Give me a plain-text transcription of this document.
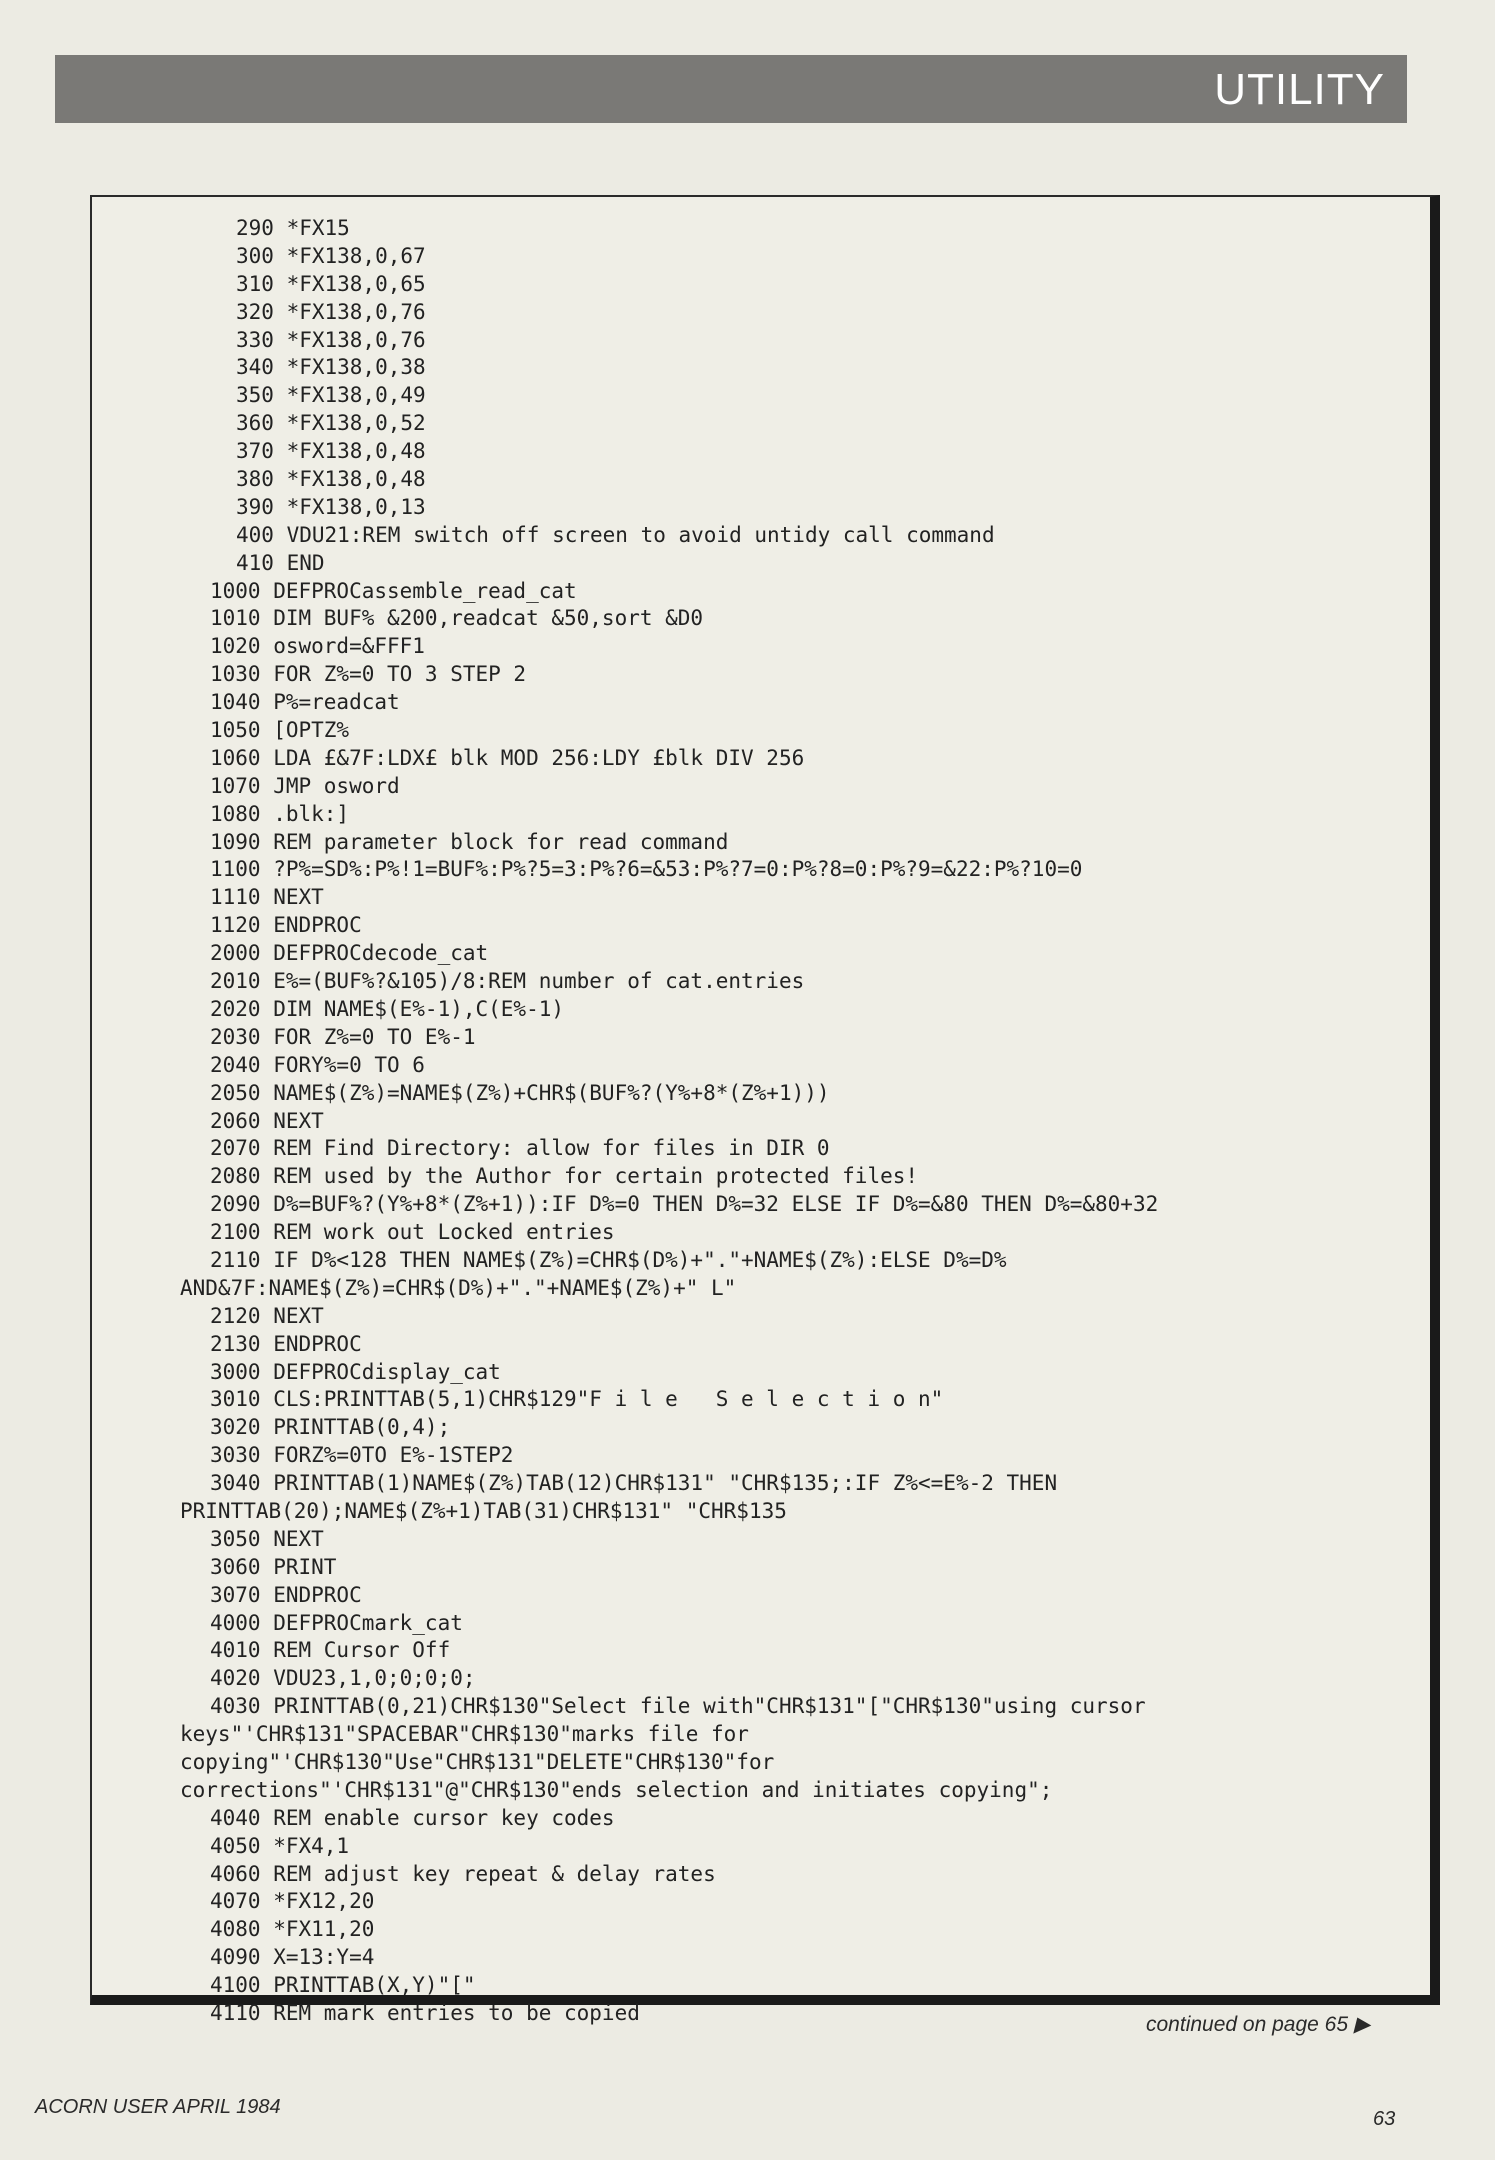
UTILITY
290 *FX15
300 *FX138,0,67
310 *FX138,0,65
320 *FX138,0,76
330 *FX138,0,76
340 *FX138,0,38
350 *FX138,0,49
360 *FX138,0,52
370 *FX138,0,48
380 *FX138,0,48
390 *FX138,0,13
400 VDU21:REM switch off screen to avoid untidy call command
410 END
1000 DEFPROCassemble_read_cat
1010 DIM BUF% &200,readcat &50,sort &D0
1020 osword=&FFF1
1030 FOR Z%=0 TO 3 STEP 2
1040 P%=readcat
1050 [OPTZ%
1060 LDA £&7F:LDX£ blk MOD 256:LDY £blk DIV 256
1070 JMP osword
1080 .blk:]
1090 REM parameter block for read command
1100 ?P%=SD%:P%!1=BUF%:P%?5=3:P%?6=&53:P%?7=0:P%?8=0:P%?9=&22:P%?10=0
1110 NEXT
1120 ENDPROC
2000 DEFPROCdecode_cat
2010 E%=(BUF%?&105)/8:REM number of cat.entries
2020 DIM NAME$(E%-1),C(E%-1)
2030 FOR Z%=0 TO E%-1
2040 FORY%=0 TO 6
2050 NAME$(Z%)=NAME$(Z%)+CHR$(BUF%?(Y%+8*(Z%+1)))
2060 NEXT
2070 REM Find Directory: allow for files in DIR 0
2080 REM used by the Author for certain protected files!
2090 D%=BUF%?(Y%+8*(Z%+1)):IF D%=0 THEN D%=32 ELSE IF D%=&80 THEN D%=&80+32
2100 REM work out Locked entries
2110 IF D%<128 THEN NAME$(Z%)=CHR$(D%)+"."+NAME$(Z%):ELSE D%=D%
AND&7F:NAME$(Z%)=CHR$(D%)+"."+NAME$(Z%)+" L"
2120 NEXT
2130 ENDPROC
3000 DEFPROCdisplay_cat
3010 CLS:PRINTTAB(5,1)CHR$129"F i l e   S e l e c t i o n"
3020 PRINTTAB(0,4);
3030 FORZ%=0TO E%-1STEP2
3040 PRINTTAB(1)NAME$(Z%)TAB(12)CHR$131" "CHR$135;:IF Z%<=E%-2 THEN
PRINTTAB(20);NAME$(Z%+1)TAB(31)CHR$131" "CHR$135
3050 NEXT
3060 PRINT
3070 ENDPROC
4000 DEFPROCmark_cat
4010 REM Cursor Off
4020 VDU23,1,0;0;0;0;
4030 PRINTTAB(0,21)CHR$130"Select file with"CHR$131"["CHR$130"using cursor
keys"'CHR$131"SPACEBAR"CHR$130"marks file for
copying"'CHR$130"Use"CHR$131"DELETE"CHR$130"for
corrections"'CHR$131"@"CHR$130"ends selection and initiates copying";
4040 REM enable cursor key codes
4050 *FX4,1
4060 REM adjust key repeat & delay rates
4070 *FX12,20
4080 *FX11,20
4090 X=13:Y=4
4100 PRINTTAB(X,Y)"["
4110 REM mark entries to be copied	continued on page 65 ▶
ACORN USER APRIL 1984
63
